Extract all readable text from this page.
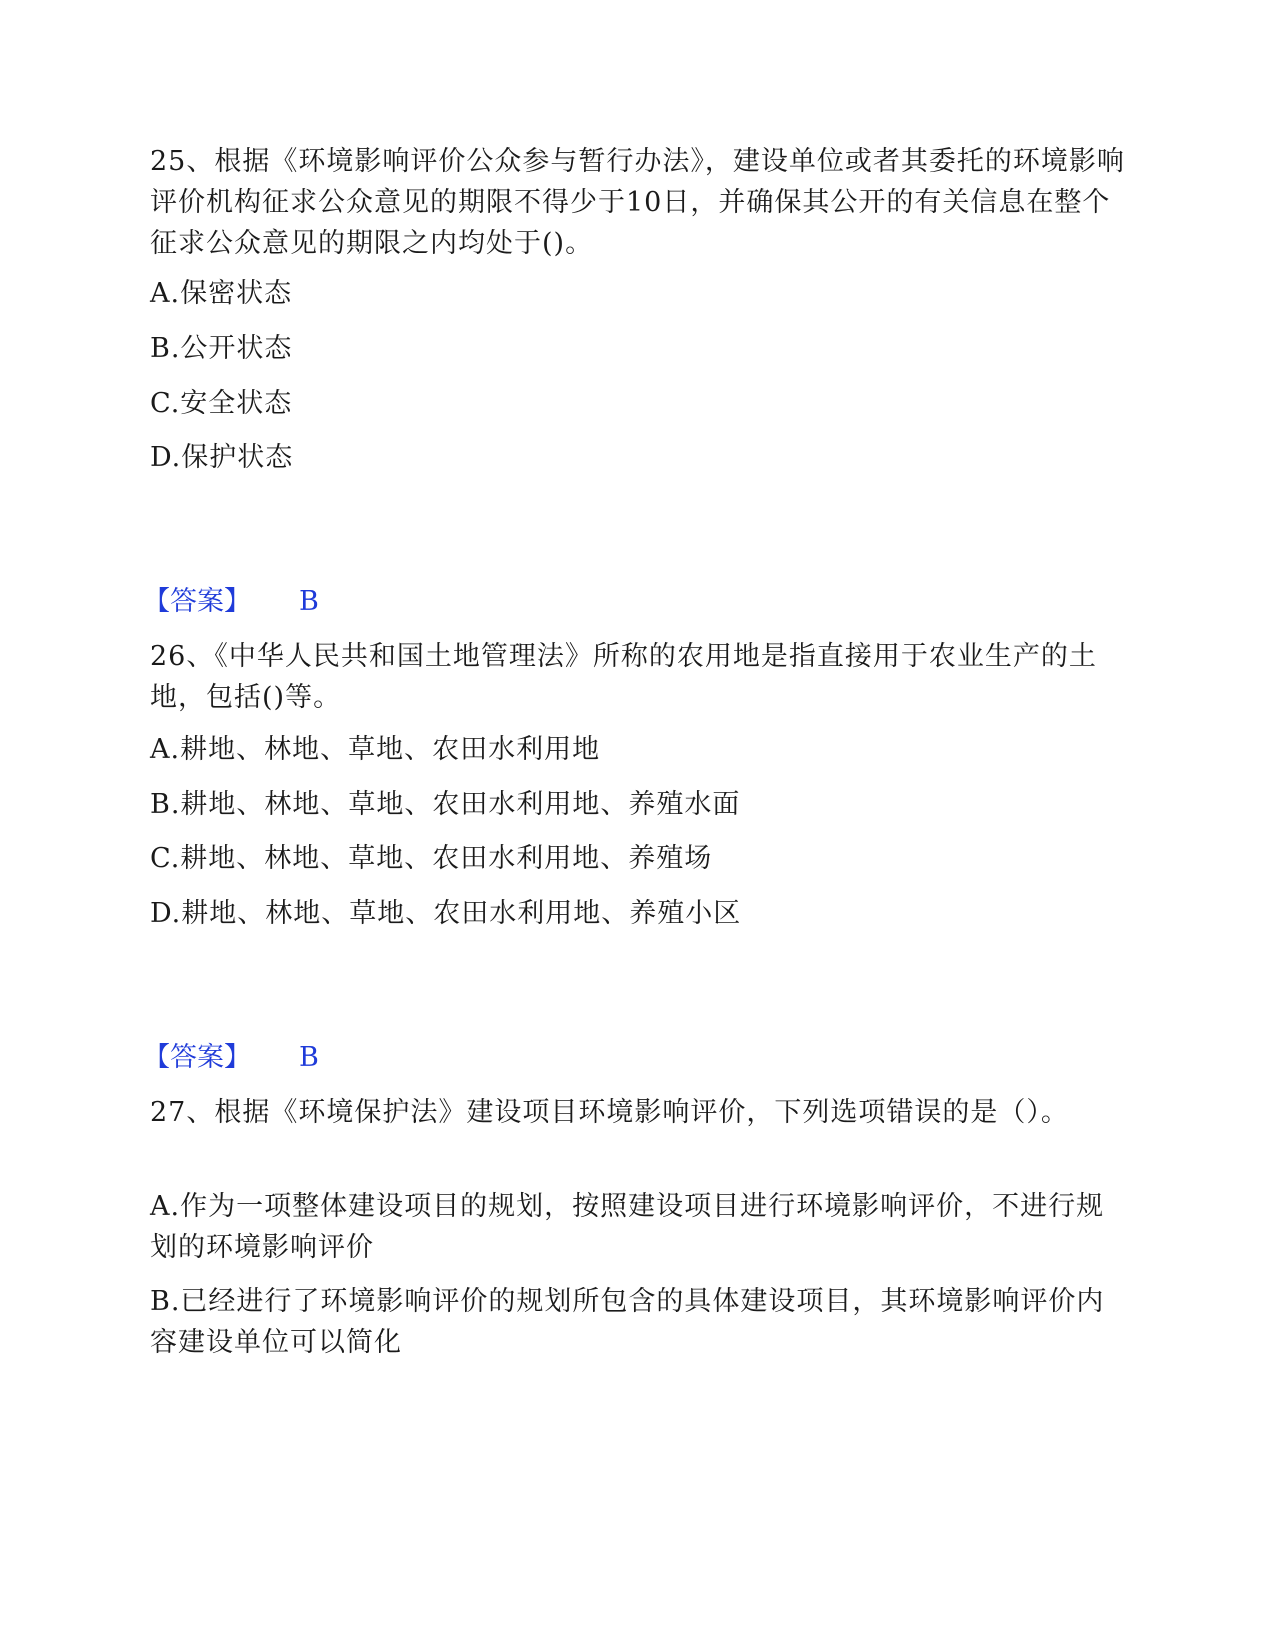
25、根据《环境影响评价公众参与暂行办法》，建设单位或者其委托的环境影响评价机构征求公众意见的期限不得少于10日，并确保其公开的有关信息在整个征求公众意见的期限之内均处于()。
A.保密状态
B.公开状态
C.安全状态
D.保护状态
【答案】 B
26、《中华人民共和国土地管理法》所称的农用地是指直接用于农业生产的土地，包括()等。
A.耕地、林地、草地、农田水利用地
B.耕地、林地、草地、农田水利用地、养殖水面
C.耕地、林地、草地、农田水利用地、养殖场
D.耕地、林地、草地、农田水利用地、养殖小区
【答案】 B
27、根据《环境保护法》建设项目环境影响评价，下列选项错误的是（）。
A.作为一项整体建设项目的规划，按照建设项目进行环境影响评价，不进行规划的环境影响评价
B.已经进行了环境影响评价的规划所包含的具体建设项目，其环境影响评价内容建设单位可以简化
